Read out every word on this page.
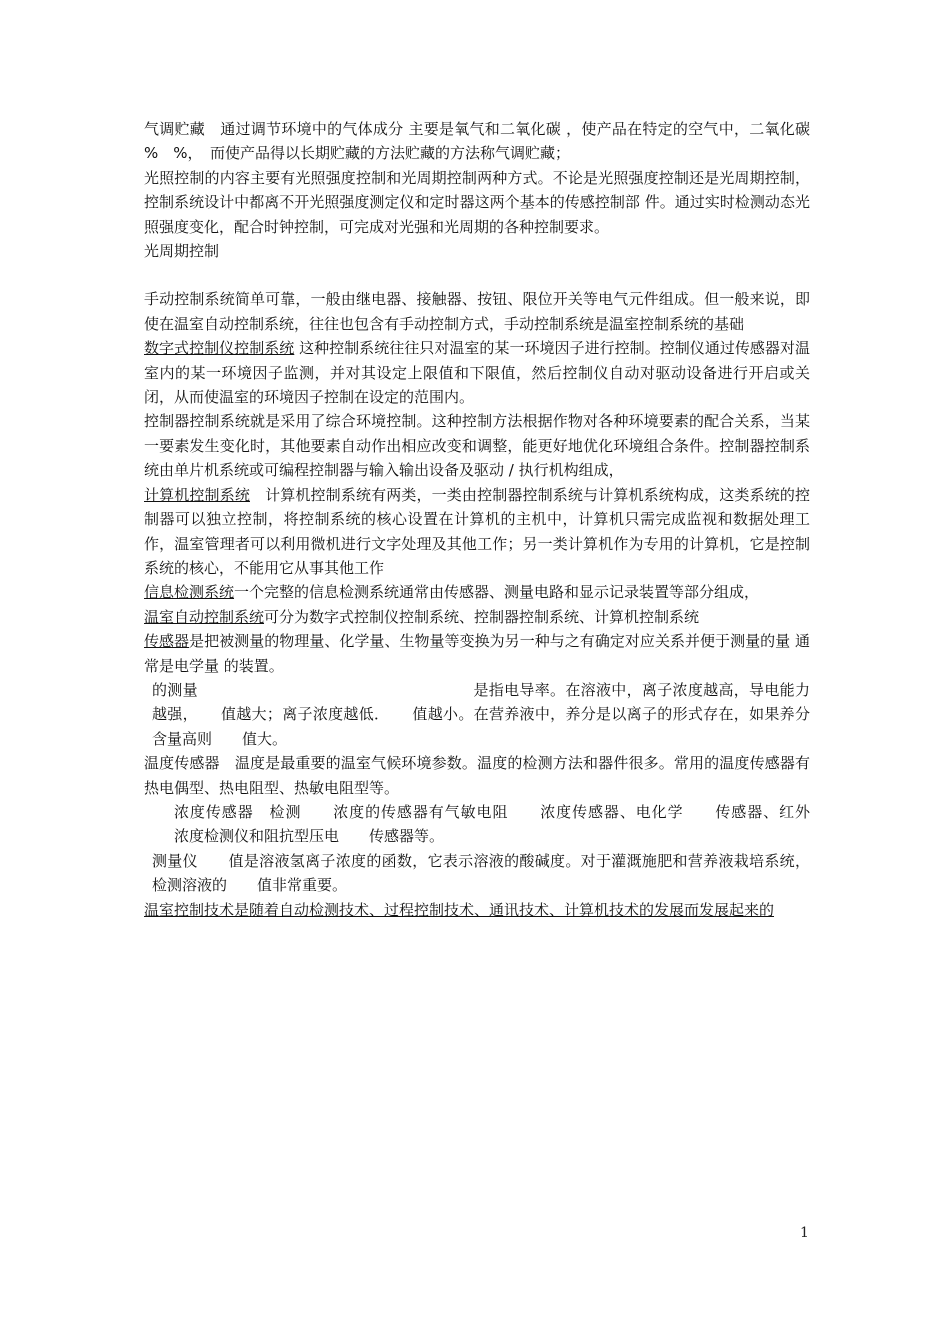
气调贮藏　通过调节环境中的气体成分 主要是氧气和二氧化碳 ，使产品在特定的空气中，二氧化碳　%　%，　而使产品得以长期贮藏的方法贮藏的方法称气调贮藏；

光照控制的内容主要有光照强度控制和光周期控制两种方式。不论是光照强度控制还是光周期控制，控制系统设计中都离不开光照强度测定仪和定时器这两个基本的传感控制部 件。通过实时检测动态光照强度变化，配合时钟控制，可完成对光强和光周期的各种控制要求。

光周期控制

手动控制系统简单可靠，一般由继电器、接触器、按钮、限位开关等电气元件组成。但一般来说，即使在温室自动控制系统，往往也包含有手动控制方式，手动控制系统是温室控制系统的基础

数字式控制仪控制系统 这种控制系统往往只对温室的某一环境因子进行控制。控制仪通过传感器对温室内的某一环境因子监测，并对其设定上限值和下限值，然后控制仪自动对驱动设备进行开启或关闭，从而使温室的环境因子控制在设定的范围内。

控制器控制系统就是采用了综合环境控制。这种控制方法根据作物对各种环境要素的配合关系，当某一要素发生变化时，其他要素自动作出相应改变和调整，能更好地优化环境组合条件。控制器控制系统由单片机系统或可编程控制器与输入输出设备及驱动 / 执行机构组成，

计算机控制系统　计算机控制系统有两类，一类由控制器控制系统与计算机系统构成，这类系统的控制器可以独立控制，将控制系统的核心设置在计算机的主机中，计算机只需完成监视和数据处理工作，温室管理者可以利用微机进行文字处理及其他工作；另一类计算机作为专用的计算机，它是控制系统的核心，不能用它从事其他工作

信息检测系统一个完整的信息检测系统通常由传感器、测量电路和显示记录装置等部分组成，

温室自动控制系统可分为数字式控制仪控制系统、控制器控制系统、计算机控制系统

传感器是把被测量的物理量、化学量、生物量等变换为另一种与之有确定对应关系并便于测量的量 通常是电学量 的装置。

的测量　　　　　　　　　　　　　　　　　　是指电导率。在溶液中，离子浓度越高，导电能力越强，　　值越大；离子浓度越低．　　值越小。在营养液中，养分是以离子的形式存在，如果养分含量高则　　值大。

温度传感器　温度是最重要的温室气候环境参数。温度的检测方法和器件很多。常用的温度传感器有热电偶型、热电阻型、热敏电阻型等。

浓度传感器　检测　　浓度的传感器有气敏电阻　　浓度传感器、电化学　　传感器、红外　　浓度检测仪和阻抗型压电　　传感器等。

测量仪　　值是溶液氢离子浓度的函数，它表示溶液的酸碱度。对于灌溉施肥和营养液栽培系统，检测溶液的　　值非常重要。

温室控制技术是随着自动检测技术、过程控制技术、通讯技术、计算机技术的发展而发展起来的

1
